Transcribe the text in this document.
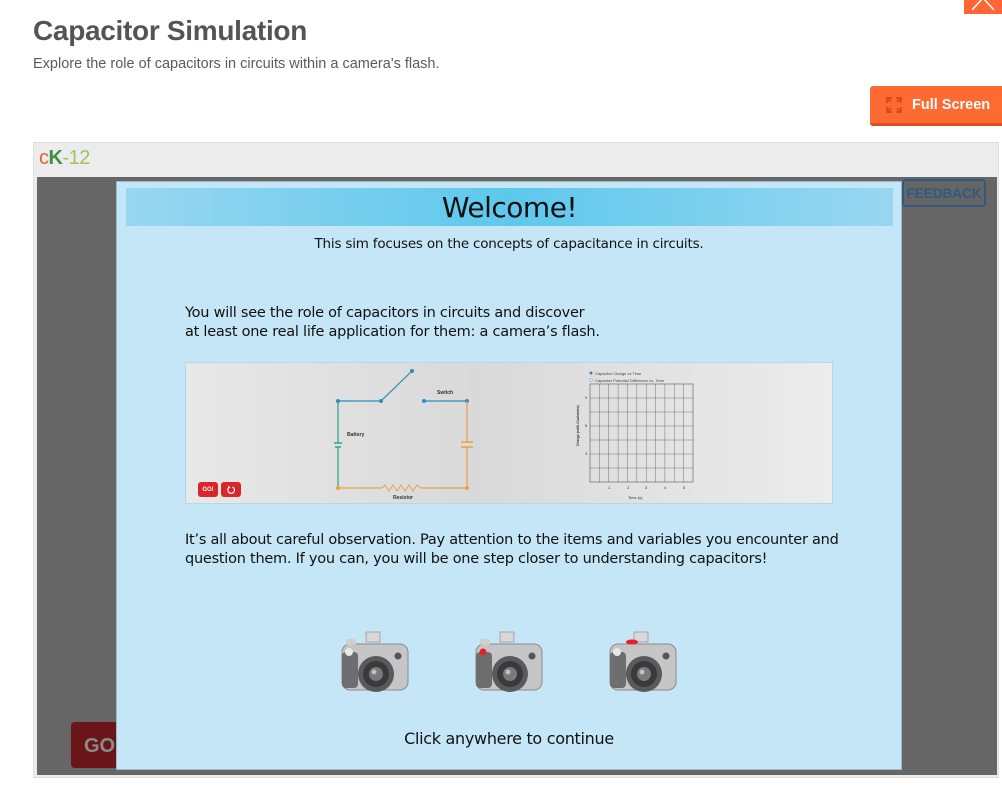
Capacitor Simulation
Explore the role of capacitors in circuits within a camera's flash.
Full Screen
cK-12
FEEDBACK
GO
Welcome!
This sim focuses on the concepts of capacitance in circuits.
You will see the role of capacitors in circuits and discover
at least one real life application for them: a camera’s flash.
Switch
Battery
Resistor
Capacitor Charge vs Time
Capacitor Potential Difference vs. Time
9
6
3
1	2	3	4	5
Time (s)
Charge (milli-Coulombs)
GO!
It’s all about careful observation. Pay attention to the items and variables you encounter and
question them. If you can, you will be one step closer to understanding capacitors!
Click anywhere to continue
